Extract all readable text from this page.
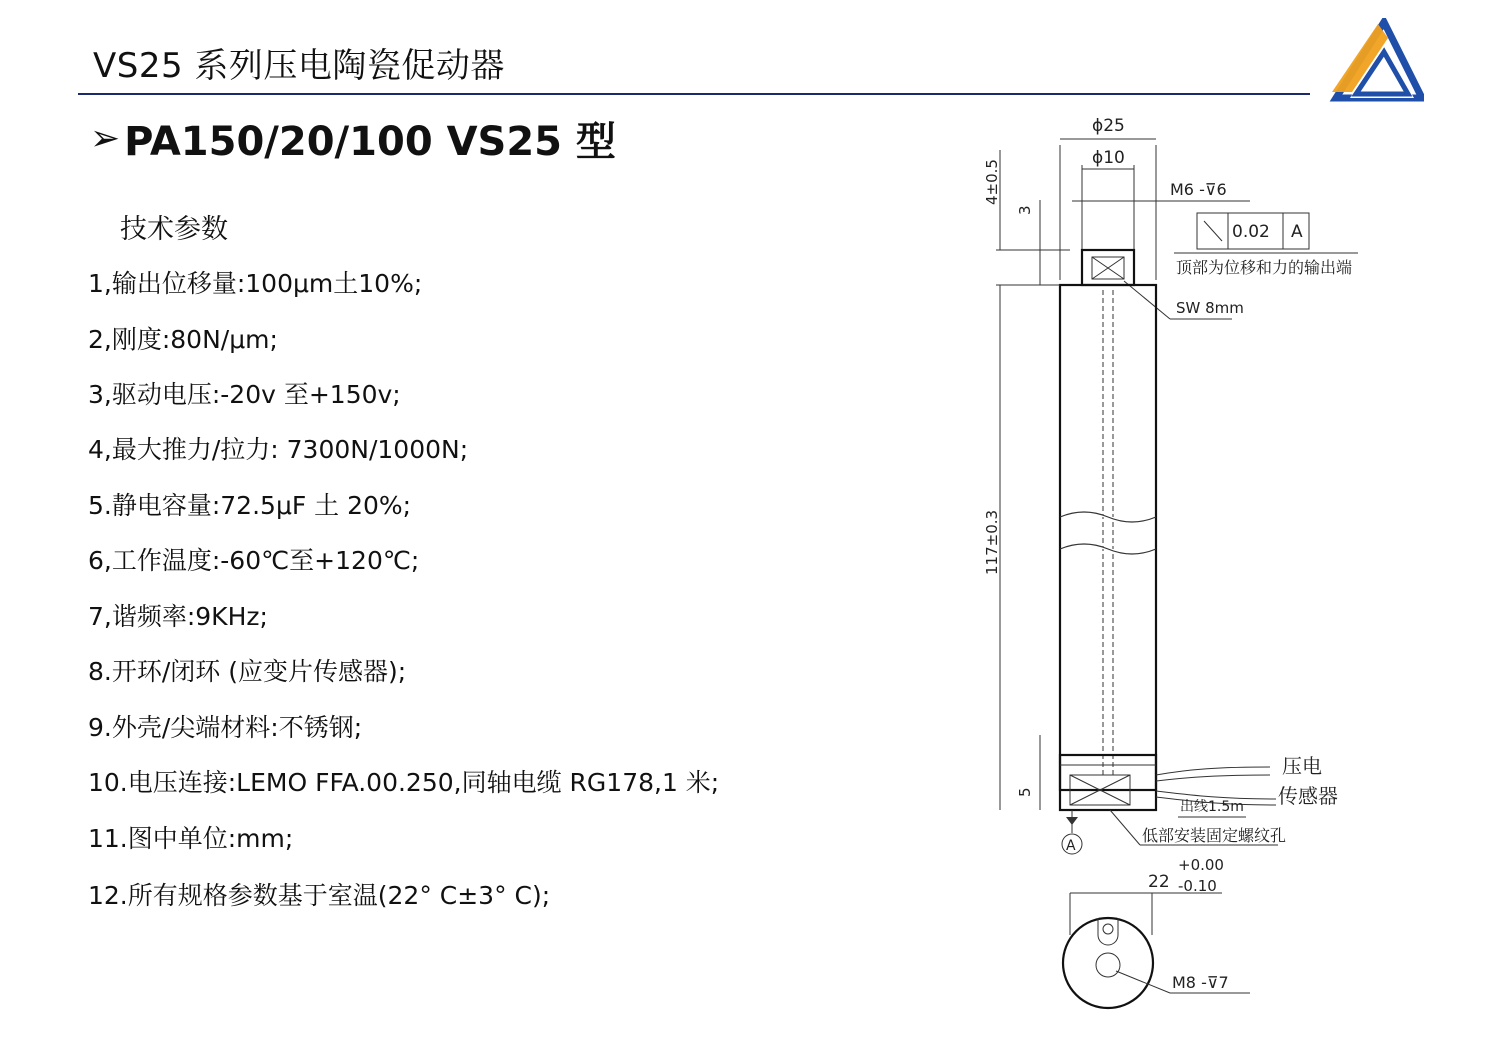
VS25 系列压电陶瓷促动器
➢ PA150/20/100 VS25 型
技术参数
1,输出位移量:100μm土10%;
2,刚度:80N/μm;
3,驱动电压:-20v 至+150v;
4,最大推力/拉力: 7300N/1000N;
5.静电容量:72.5μF 土 20%;
6,工作温度:-60℃至+120℃;
7,谐频率:9KHz;
8.开环/闭环 (应变片传感器);
9.外壳/尖端材料:不锈钢;
10.电压连接:LEMO FFA.00.250,同轴电缆 RG178,1 米;
11.图中单位:mm;
12.所有规格参数基于室温(22° C±3° C);
ϕ25
ϕ10
M6 -⊽6
0.02 A
顶部为位移和力的输出端
4±0.5
3
SW 8mm
117±0.3
5
压电
传感器
出线1.5m
A
低部安装固定螺纹孔
22
+0.00
-0.10
M8 -⊽7
